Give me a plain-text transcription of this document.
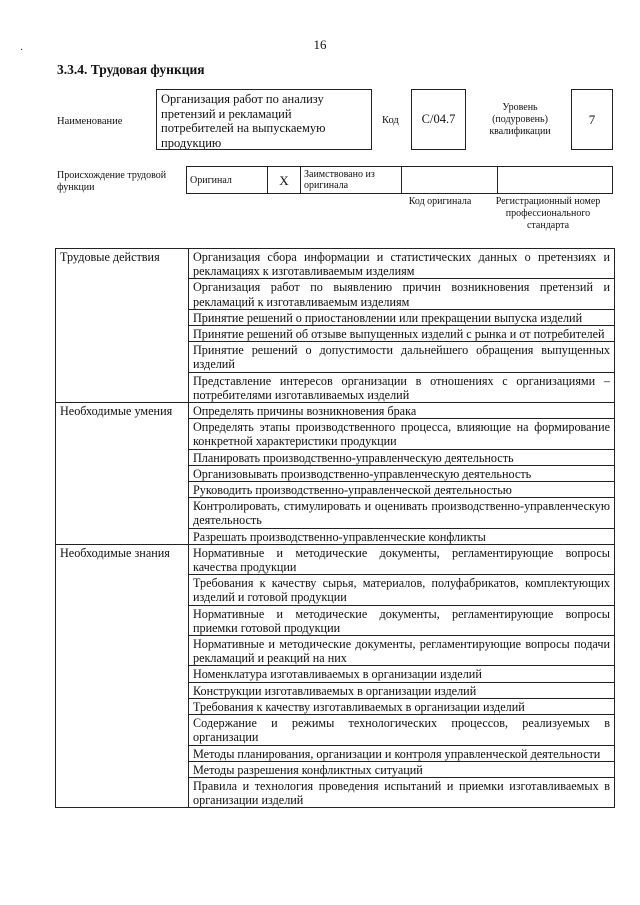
16
·
3.3.4. Трудовая функция
Наименование
Организация работ по анализу претензий и рекламаций потребителей на выпускаемую продукцию
Код	С/04.7
Уровень (подуровень) квалификации
7
Происхождение трудовой функции
Оригинал	X	Заимствовано из оригинала		
Код оригинала	Регистрационный номер профессионального стандарта
Трудовые действия	Организация сбора информации и статистических данных о претензиях и рекламациях к изготавливаемым изделиям
	Организация работ по выявлению причин возникновения претензий и рекламаций к изготавливаемым изделиям
	Принятие решений о приостановлении или прекращении выпуска изделий
	Принятие решений об отзыве выпущенных изделий с рынка и от потребителей
	Принятие решений о допустимости дальнейшего обращения выпущенных изделий
	Представление интересов организации в отношениях с организациями – потребителями изготавливаемых изделий
Необходимые умения	Определять причины возникновения брака
	Определять этапы производственного процесса, влияющие на формирование конкретной характеристики продукции
	Планировать производственно-управленческую деятельность
	Организовывать производственно-управленческую деятельность
	Руководить производственно-управленческой деятельностью
	Контролировать, стимулировать и оценивать производственно-управленческую деятельность
	Разрешать производственно-управленческие конфликты
Необходимые знания	Нормативные и методические документы, регламентирующие вопросы качества продукции
	Требования к качеству сырья, материалов, полуфабрикатов, комплектующих изделий и готовой продукции
	Нормативные и методические документы, регламентирующие вопросы приемки готовой продукции
	Нормативные и методические документы, регламентирующие вопросы подачи рекламаций и реакций на них
	Номенклатура изготавливаемых в организации изделий
	Конструкции изготавливаемых в организации изделий
	Требования к качеству изготавливаемых в организации изделий
	Содержание и режимы технологических процессов, реализуемых в организации
	Методы планирования, организации и контроля управленческой деятельности
	Методы разрешения конфликтных ситуаций
	Правила и технология проведения испытаний и приемки изготавливаемых в организации изделий
